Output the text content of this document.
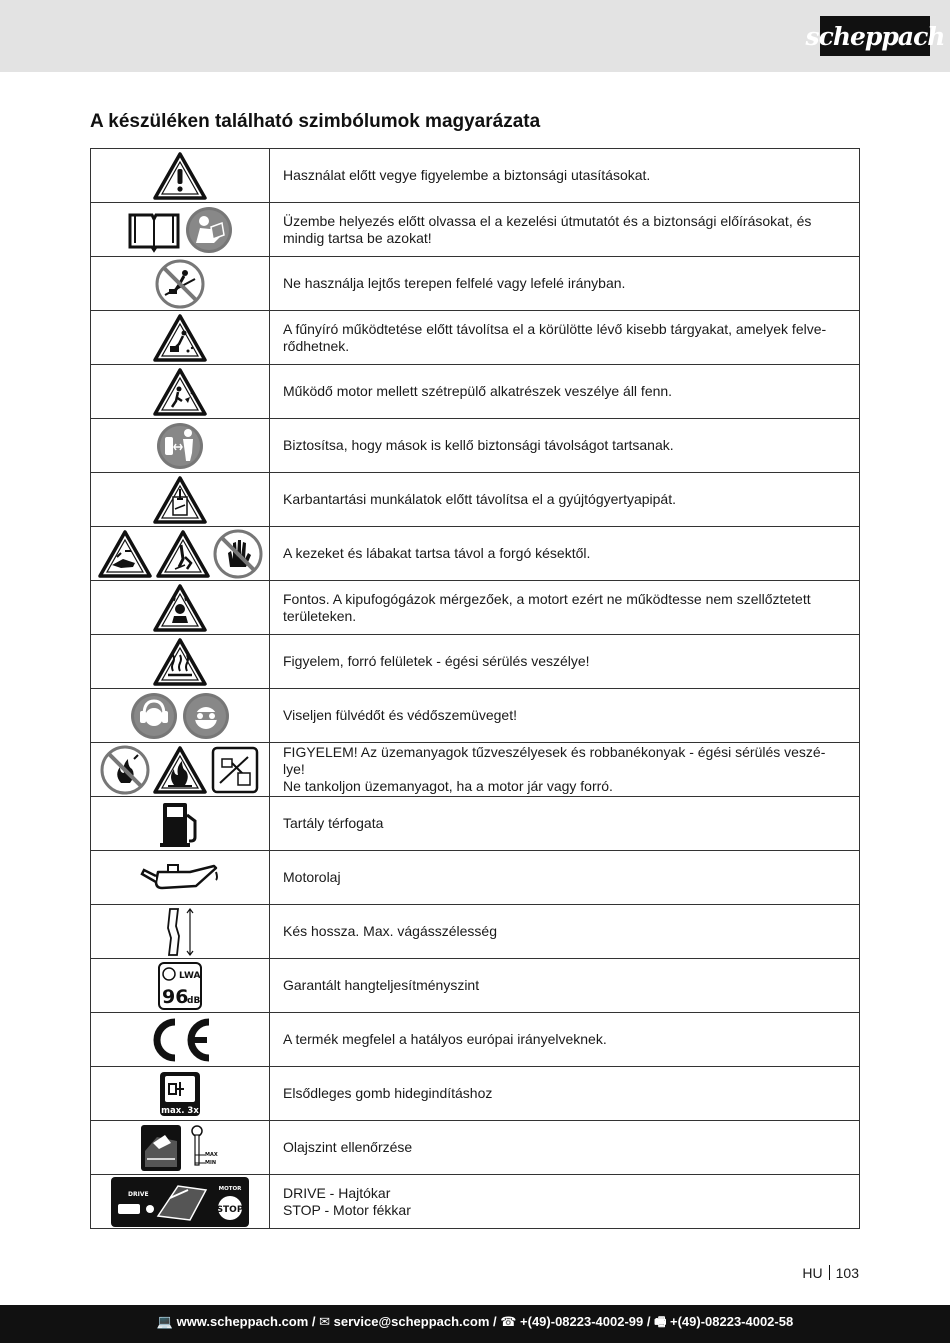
scheppach
A készüléken található szimbólumok magyarázata
	Használat előtt vegye figyelembe a biztonsági utasításokat.
	Üzembe helyezés előtt olvassa el a kezelési útmutatót és a biztonsági előírásokat, és mindig tartsa be azokat!
	Ne használja lejtős terepen felfelé vagy lefelé irányban.
	A fűnyíró működtetése előtt távolítsa el a körülötte lévő kisebb tárgyakat, amelyek felve-
rődhetnek.
	Működő motor mellett szétrepülő alkatrészek veszélye áll fenn.
	Biztosítsa, hogy mások is kellő biztonsági távolságot tartsanak.
	Karbantartási munkálatok előtt távolítsa el a gyújtógyertyapipát.
	A kezeket és lábakat tartsa távol a forgó késektől.
	Fontos. A kipufogógázok mérgezőek, a motort ezért ne működtesse nem szellőztetett területeken.
	Figyelem, forró felületek - égési sérülés veszélye!
	Viseljen fülvédőt és védőszemüveget!
	FIGYELEM! Az üzemanyagok tűzveszélyesek és robbanékonyak - égési sérülés veszé-
lye!
Ne tankoljon üzemanyagot, ha a motor jár vagy forró.
	Tartály térfogata
	Motorolaj
	Kés hossza. Max. vágásszélesség

LWA
96
dB	Garantált hangteljesítményszint
	A termék megfelel a hatályos európai irányelveknek.

max. 3x	Elsődleges gomb hidegindításhoz

MAX
MIN	Olajszint ellenőrzése

DRIVE
MOTOR
STOP	DRIVE - Hajtókar
STOP - Motor fékkar
HU 103
💻 www.scheppach.com / ✉ service@scheppach.com / ☎ +(49)-08223-4002-99 / 🖷 +(49)-08223-4002-58
